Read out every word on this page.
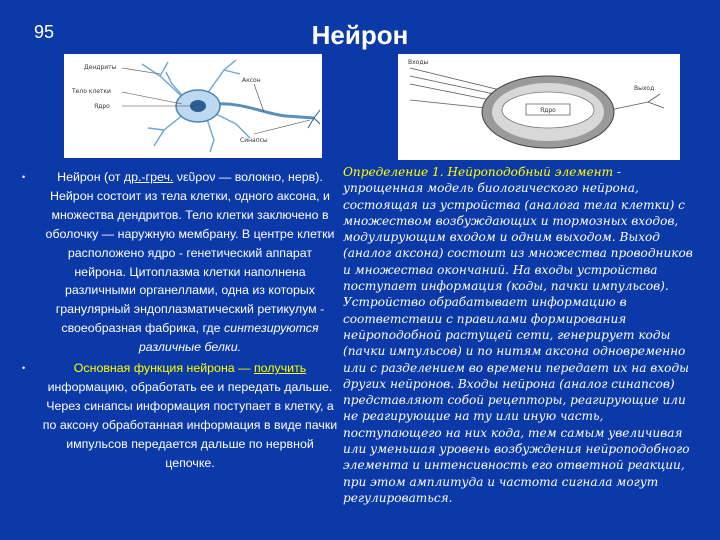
95	Нейрон
Дендриты
Тело клетки
Ядро
Аксон
Синапсы
Ядро
Выход
Входы
•	Нейрон (от др.-греч. νεῦρον — волокно, нерв). Нейрон состоит из тела клетки, одного аксона, и множества дендритов. Тело клетки заключено в оболочку — наружную мембрану. В центре клетки расположено ядро - генетический аппарат нейрона. Цитоплазма клетки наполнена различными органеллами, одна из которых гранулярный эндоплазматический ретикулум - своеобразная фабрика, где синтезируются различные белки.
•	Основная функция нейрона — получить информацию, обработать ее и передать дальше. Через синапсы информация поступает в клетку, а по аксону обработанная информация в виде пачки импульсов передается дальше по нервной цепочке.
Определение 1. Нейроподобный элемент - упрощенная модель биологического нейрона, состоящая из устройства (аналога тела клетки) с множеством возбуждающих и тормозных входов, модулирующим входом и одним выходом. Выход (аналог аксона) состоит из множества проводников и множества окончаний. На входы устройства поступает информация (коды, пачки импульсов). Устройство обрабатывает информацию в соответствии с правилами формирования нейроподобной растущей сети, генерирует коды (пачки импульсов) и по нитям аксона одновременно или с разделением во времени передает их на входы других нейронов. Входы нейрона (аналог синапсов) представляют собой рецепторы, реагирующие или не реагирующие на ту или иную часть, поступающего на них кода, тем самым увеличивая или уменьшая уровень возбуждения нейроподобного элемента и интенсивность его ответной реакции, при этом амплитуда и частота сигнала могут регулироваться.
